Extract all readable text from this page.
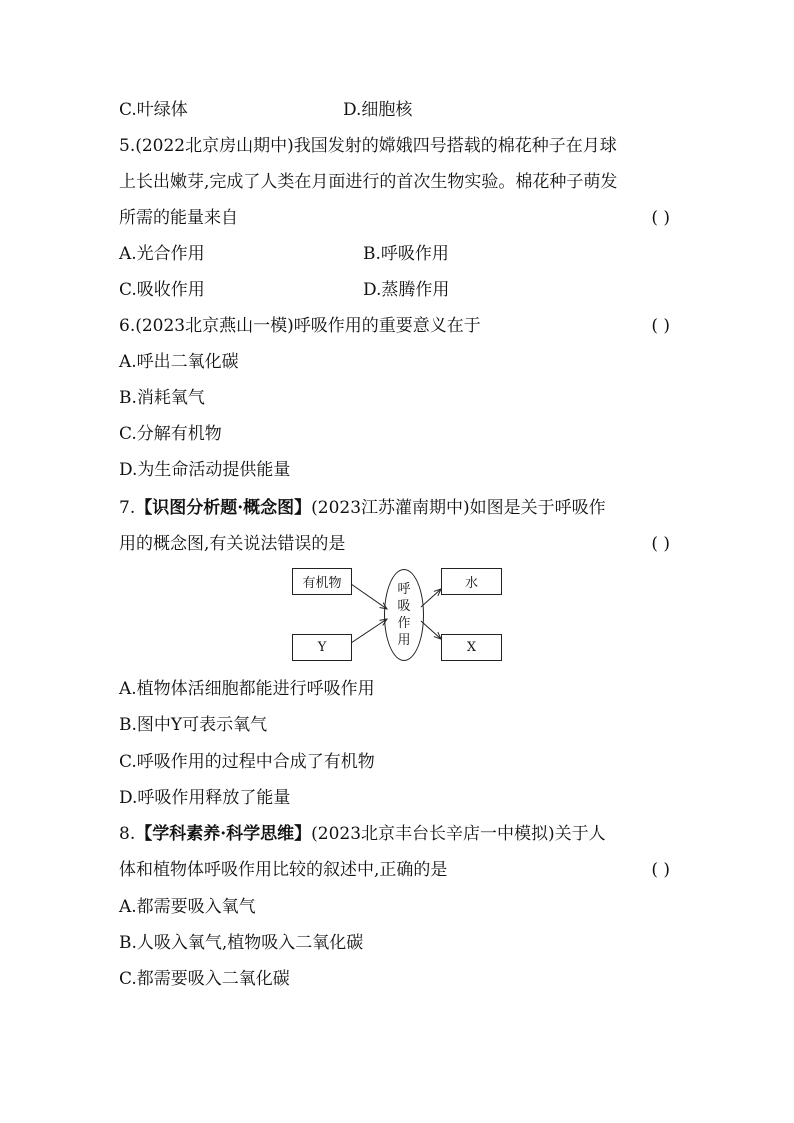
C.叶绿体	D.细胞核
5.(2022北京房山期中)我国发射的嫦娥四号搭载的棉花种子在月球
上长出嫩芽,完成了人类在月面进行的首次生物实验。棉花种子萌发
所需的能量来自	( )
A.光合作用	B.呼吸作用
C.吸收作用	D.蒸腾作用
6.(2023北京燕山一模)呼吸作用的重要意义在于	( )
A.呼出二氧化碳
B.消耗氧气
C.分解有机物
D.为生命活动提供能量
7.【识图分析题·概念图】(2023江苏灌南期中)如图是关于呼吸作
用的概念图,有关说法错误的是	( )
有机物
Y
呼
吸
作
用
水
X
A.植物体活细胞都能进行呼吸作用
B.图中Y可表示氧气
C.呼吸作用的过程中合成了有机物
D.呼吸作用释放了能量
8.【学科素养·科学思维】(2023北京丰台长辛店一中模拟)关于人
体和植物体呼吸作用比较的叙述中,正确的是	( )
A.都需要吸入氧气
B.人吸入氧气,植物吸入二氧化碳
C.都需要吸入二氧化碳
